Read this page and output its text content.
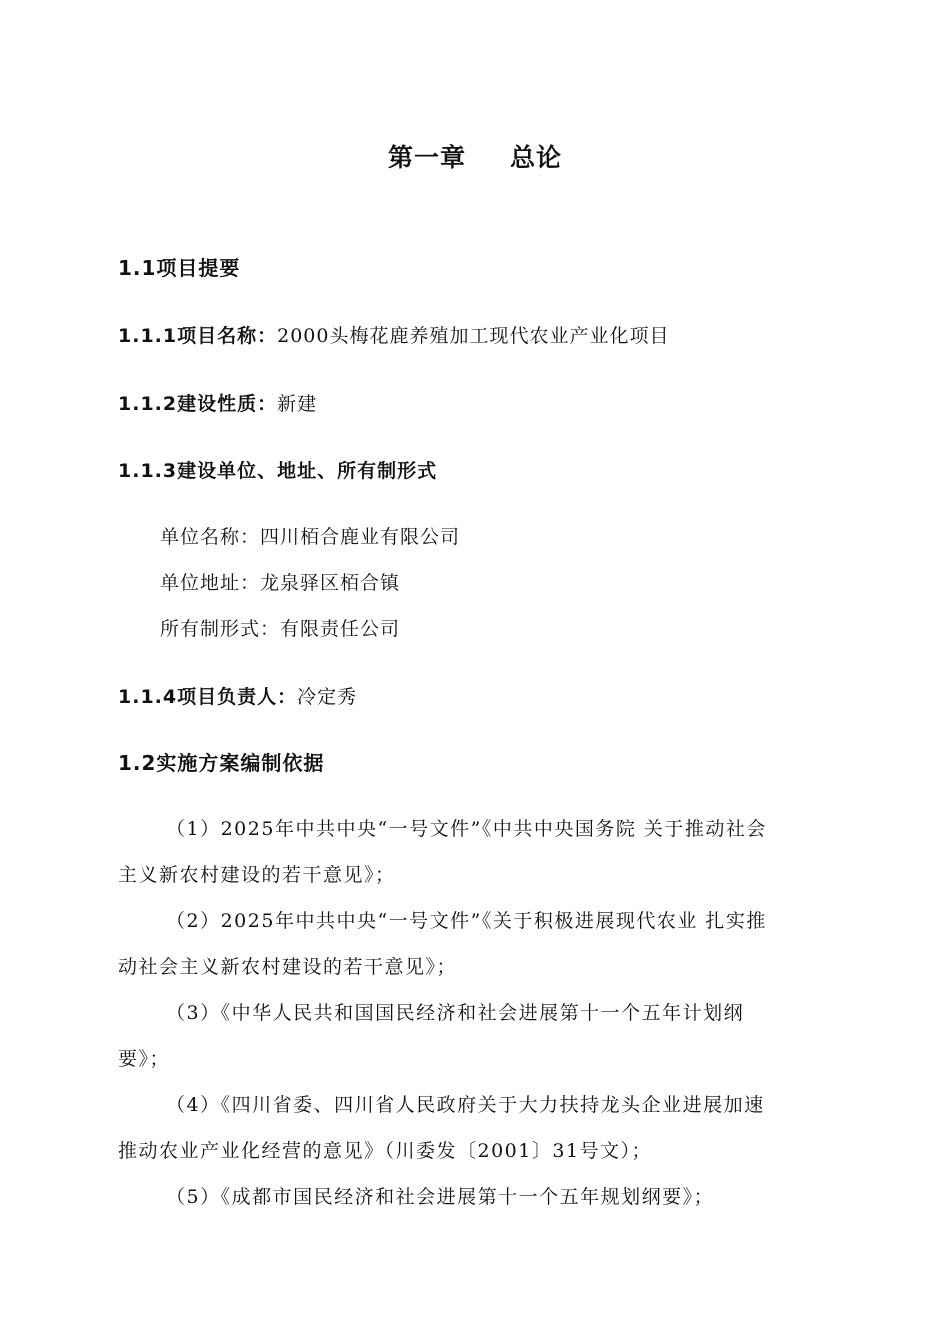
第一章 总论
1.1项目提要
1.1.1项目名称：2000头梅花鹿养殖加工现代农业产业化项目
1.1.2建设性质：新建
1.1.3建设单位、地址、所有制形式
单位名称：四川栢合鹿业有限公司
单位地址：龙泉驿区栢合镇
所有制形式：有限责任公司
1.1.4项目负责人：冷定秀
1.2实施方案编制依据
（1）2025年中共中央“一号文件”《中共中央国务院 关于推动社会
主义新农村建设的若干意见》；
（2）2025年中共中央“一号文件”《关于积极进展现代农业 扎实推
动社会主义新农村建设的若干意见》；
（3）《中华人民共和国国民经济和社会进展第十一个五年计划纲
要》；
（4）《四川省委、四川省人民政府关于大力扶持龙头企业进展加速
推动农业产业化经营的意见》（川委发〔2001〕31号文）；
（5）《成都市国民经济和社会进展第十一个五年规划纲要》；
